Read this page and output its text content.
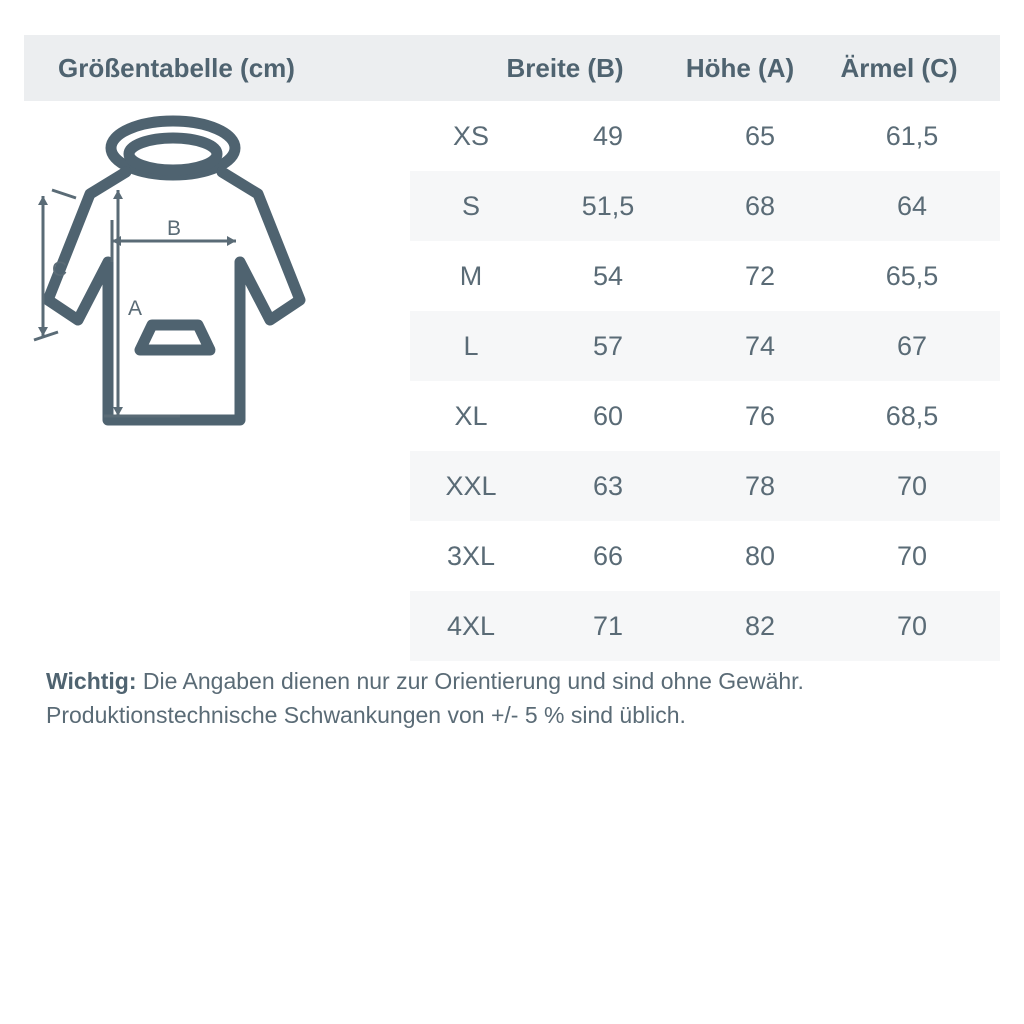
Größentabelle (cm)	Breite (B)	Höhe (A)	Ärmel (C)
XS	49	65	61,5
S	51,5	68	64
M	54	72	65,5
L	57	74	67
XL	60	76	68,5
XXL	63	78	70
3XL	66	80	70
4XL	71	82	70
Wichtig: Die Angaben dienen nur zur Orientierung und sind ohne Gewähr. Produktionstechnische Schwankungen von +/- 5 % sind üblich.
C
B
A
